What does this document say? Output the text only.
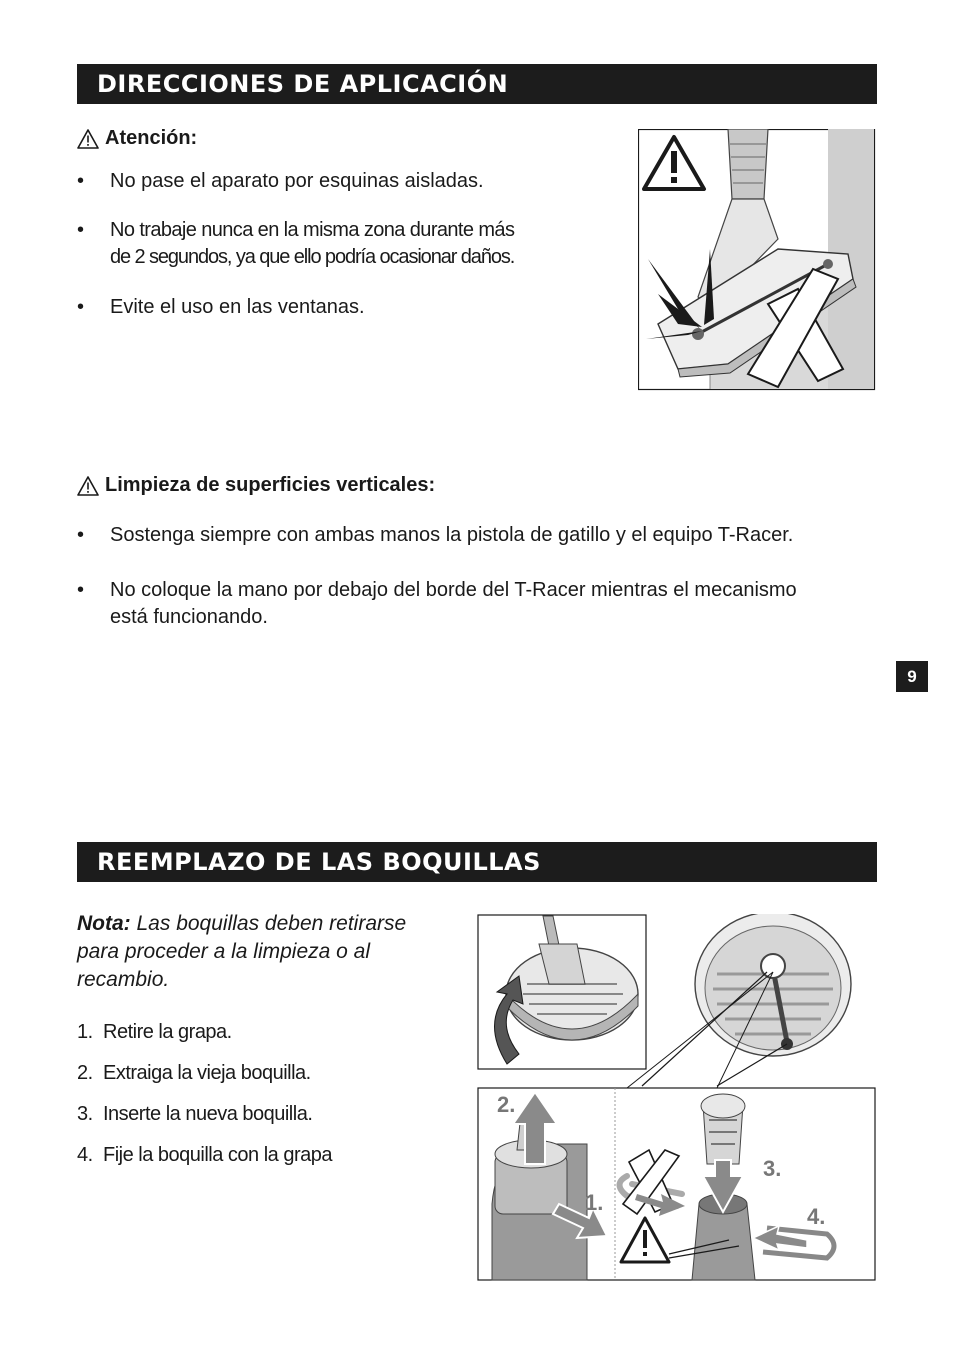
DIRECCIONES DE APLICACIÓN
Atención:
• No pase el aparato por esquinas aisladas.
• No trabaje nunca en la misma zona durante más
de 2 segundos, ya que ello podría ocasionar daños.
• Evite el uso en las ventanas.
Limpieza de superficies verticales:
• Sostenga siempre con ambas manos la pistola de gatillo y el equipo T-Racer.
• No coloque la mano por debajo del borde del T-Racer mientras el mecanismo
está funcionando.
9
REEMPLAZO DE LAS BOQUILLAS
Nota: Las boquillas deben retirarse para proceder a la limpieza o al recambio.
1. Retire la grapa.
2. Extraiga la vieja boquilla.
3. Inserte la nueva boquilla.
4. Fije la boquilla con la grapa
2.
1.
3.
4.
